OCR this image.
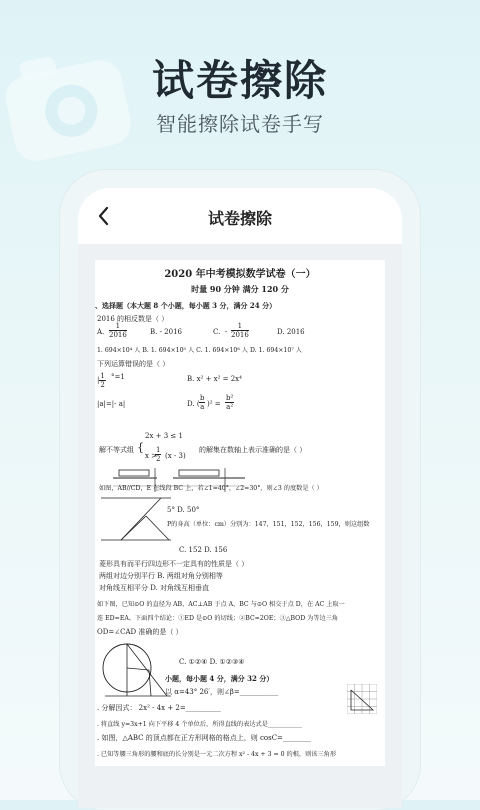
试卷擦除
智能擦除试卷手写
试卷擦除
2020 年中考模拟数学试卷（一）
时量 90 分钟 满分 120 分
、选择题（本大题 8 个小题，每小题 3 分，满分 24 分）
2016 的相反数是（ ）
A. $\frac{1}{2016}$	B. - 2016	C. - $\frac{1}{2016}$	D. 2016
1. 694×10⁴ 人 B. 1. 694×10⁵ 人 C. 1. 694×10⁶ 人 D. 1. 694×10⁷ 人
下列运算错误的是（ ）
| $\frac{1}{2} ^\circ=1$	B. x² + x² = 2x⁴
|a|=|- a|	D. ( $\frac{b}{a} )^2 = \frac{\text{b²}}{\text{a²}}$
解不等式组 {
2x + 3 ≤ 1
x >
$\frac{1}{2} (x - 3)$
的解集在数轴上表示准确的是（ ）
如图，AB//CD，E 在线段 BC 上，若∠1=40°，∠2=30°，则∠3 的度数是（ ）
5° D. 50°
P的身高（单位：cm）分别为：147，151，152，156，159，则这组数
C. 152 D. 156
菱形具有而平行四边形不一定具有的性质是（ ）
两组对边分别平行 B. 两组对角分别相等
对角线互相平分 D. 对角线互相垂直
如下图，已知⊙O 的直径为 AB，AC⊥AB 于点 A，BC 与⊙O 相交于点 D，在 AC 上取一
连 ED=EA。下面四个结论：①ED 是⊙O 的切线；②BC=2OE；③△BOD 为等边三角
OD=∠CAD 准确的是（ ）
C. ①②④ D. ①②③④
小题，每小题 4 分，满分 32 分）
以 α=43° 26′，则∠β=___________
. 分解因式： 2x² - 4x + 2=__________
. 将直线 y=3x+1 向下平移 4 个单位后，所得直线的表达式是___________
. 如图，△ABC 的顶点都在正方形网格的格点上，则 cosC=________
. 已知等腰三角形的腰和底的长分别是一元二次方程 x² - 4x + 3 = 0 的根，则该三角形
